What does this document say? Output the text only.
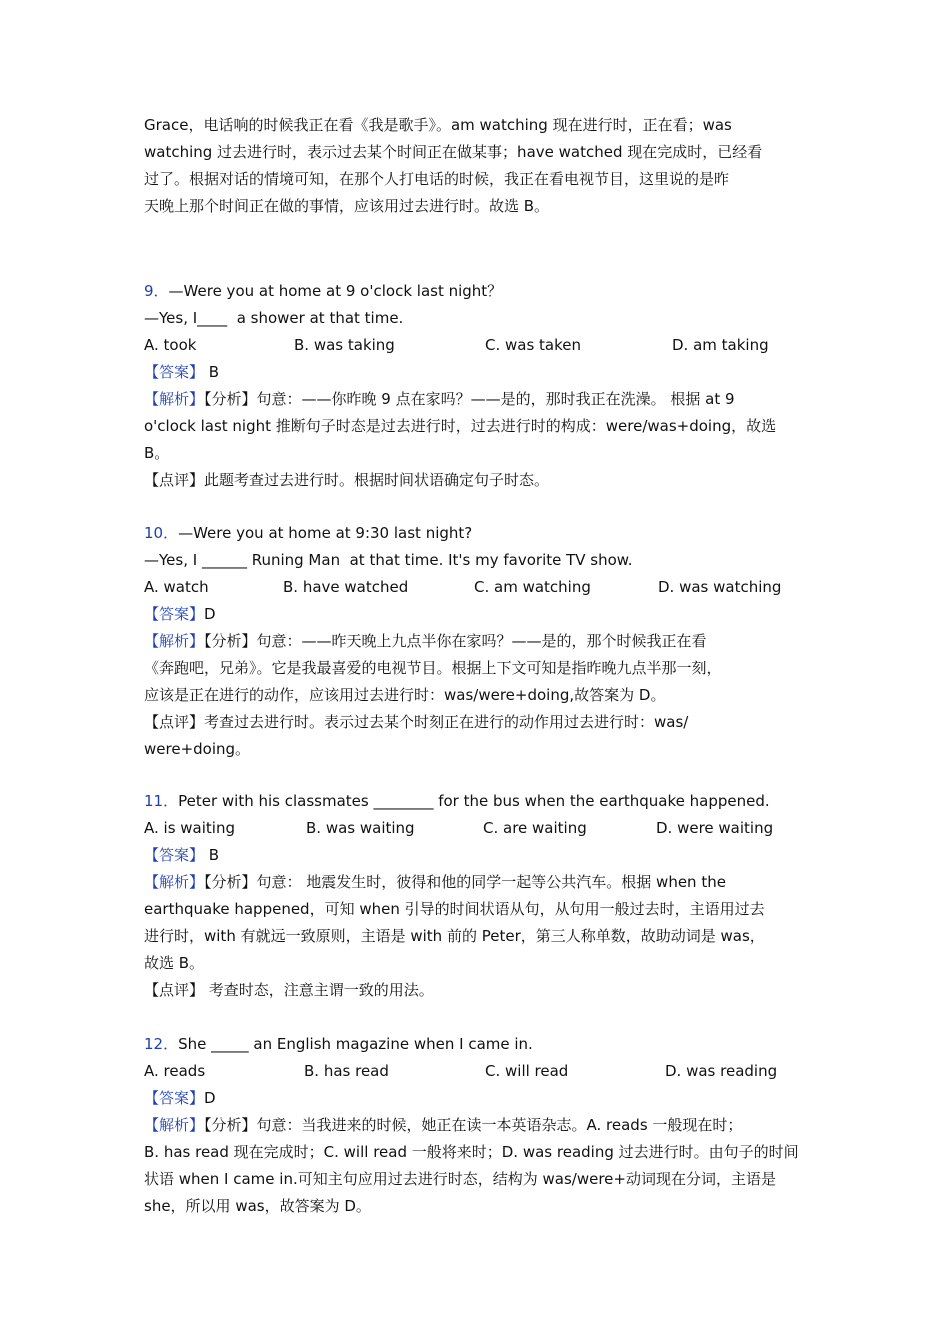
Grace，电话响的时候我正在看《我是歌手》。am watching 现在进行时，正在看；was

watching 过去进行时，表示过去某个时间正在做某事；have watched 现在完成时，已经看

过了。根据对话的情境可知，在那个人打电话的时候，我正在看电视节目，这里说的是昨

天晚上那个时间正在做的事情，应该用过去进行时。故选 B。

9．—Were you at home at 9 o'clock last night？

—Yes, I____  a shower at that time.

A. took	B. was taking	C. was taken	D. am taking

【答案】 B

【解析】【分析】句意：——你昨晚 9 点在家吗？——是的，那时我正在洗澡。 根据 at 9

o'clock last night 推断句子时态是过去进行时，过去进行时的构成：were/was+doing，故选

B。

【点评】此题考查过去进行时。根据时间状语确定句子时态。

10．—Were you at home at 9:30 last night?

—Yes, I ______ Runing Man  at that time. It's my favorite TV show.

A. watch	B. have watched	C. am watching	D. was watching

【答案】D

【解析】【分析】句意：——昨天晚上九点半你在家吗？——是的，那个时候我正在看

《奔跑吧，兄弟》。它是我最喜爱的电视节目。根据上下文可知是指昨晚九点半那一刻，

应该是正在进行的动作，应该用过去进行时：was/were+doing,故答案为 D。

【点评】考查过去进行时。表示过去某个时刻正在进行的动作用过去进行时：was/

were+doing。

11．Peter with his classmates ________ for the bus when the earthquake happened.

A. is waiting	B. was waiting	C. are waiting	D. were waiting

【答案】 B

【解析】【分析】句意： 地震发生时，彼得和他的同学一起等公共汽车。根据 when the

earthquake happened，可知 when 引导的时间状语从句，从句用一般过去时，主语用过去

进行时，with 有就远一致原则，主语是 with 前的 Peter，第三人称单数，故助动词是 was，

故选 B。

【点评】 考查时态，注意主谓一致的用法。

12．She _____ an English magazine when I came in.

A. reads	B. has read	C. will read	D. was reading

【答案】D

【解析】【分析】句意：当我进来的时候，她正在读一本英语杂志。A. reads 一般现在时；

B. has read 现在完成时；C. will read 一般将来时；D. was reading 过去进行时。由句子的时间

状语 when I came in.可知主句应用过去进行时态，结构为 was/were+动词现在分词，主语是

she，所以用 was，故答案为 D。
